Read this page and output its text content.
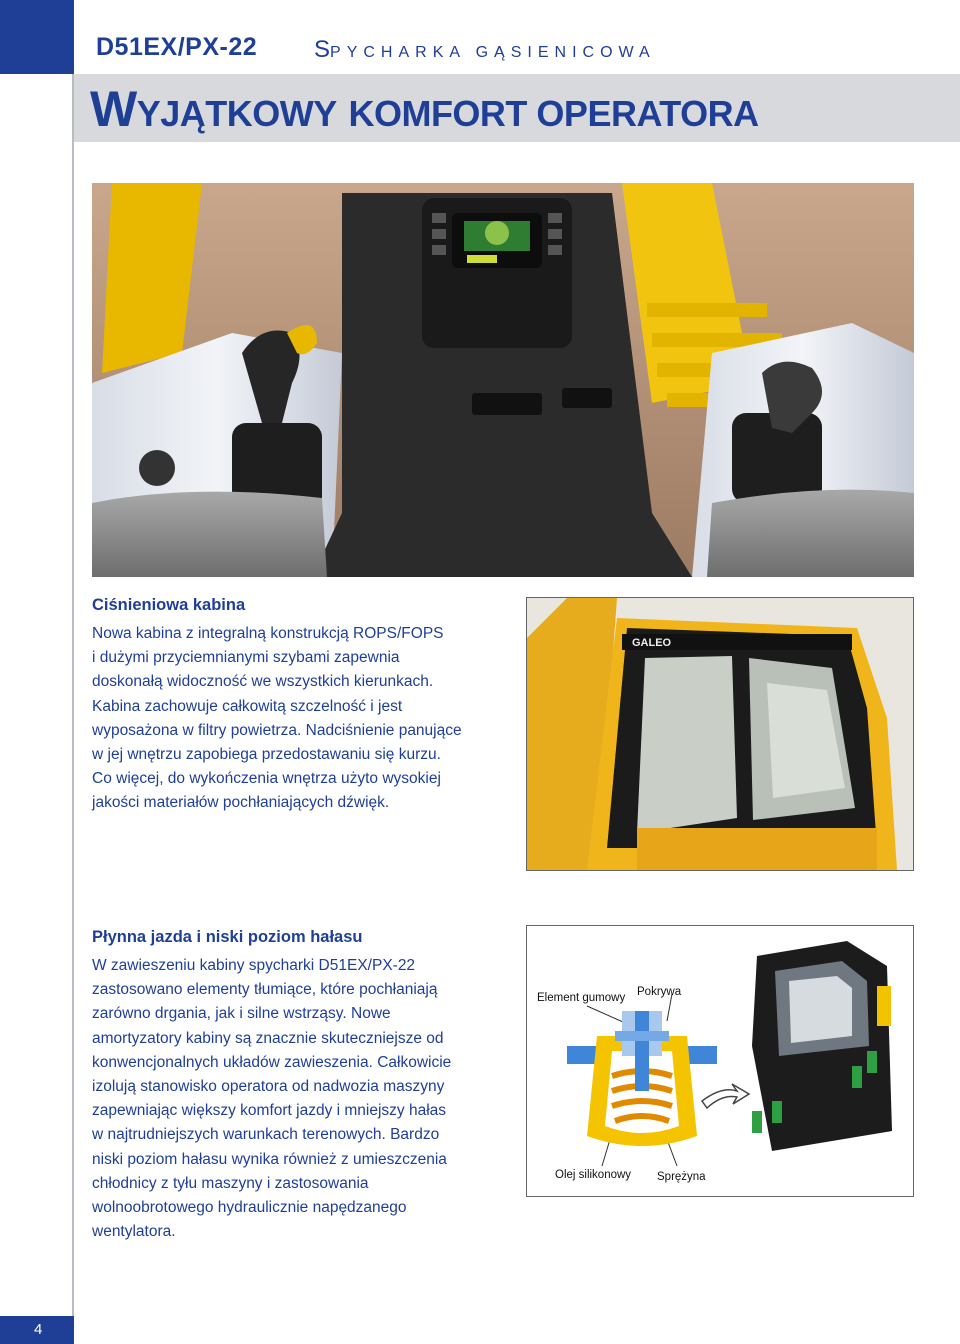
D51EX/PX-22 SPYCHARKA GĄSIENICOWA
WYJĄTKOWY KOMFORT OPERATORA
Ciśnieniowa kabina
Nowa kabina z integralną konstrukcją ROPS/FOPS
i dużymi przyciemnianymi szybami zapewnia
doskonałą widoczność we wszystkich kierunkach.
Kabina zachowuje całkowitą szczelność i jest
wyposażona w filtry powietrza. Nadciśnienie panujące
w jej wnętrzu zapobiega przedostawaniu się kurzu.
Co więcej, do wykończenia wnętrza użyto wysokiej
jakości materiałów pochłaniających dźwięk.
GALEO
Płynna jazda i niski poziom hałasu
W zawieszeniu kabiny spycharki D51EX/PX-22
zastosowano elementy tłumiące, które pochłaniają
zarówno drgania, jak i silne wstrząsy. Nowe
amortyzatory kabiny są znacznie skuteczniejsze od
konwencjonalnych układów zawieszenia. Całkowicie
izolują stanowisko operatora od nadwozia maszyny
zapewniając większy komfort jazdy i mniejszy hałas
w najtrudniejszych warunkach terenowych. Bardzo
niski poziom hałasu wynika również z umieszczenia
chłodnicy z tyłu maszyny i zastosowania
wolnoobrotowego hydraulicznie napędzanego
wentylatora.
Element gumowy Pokrywa
Olej silikonowy Sprężyna
4
